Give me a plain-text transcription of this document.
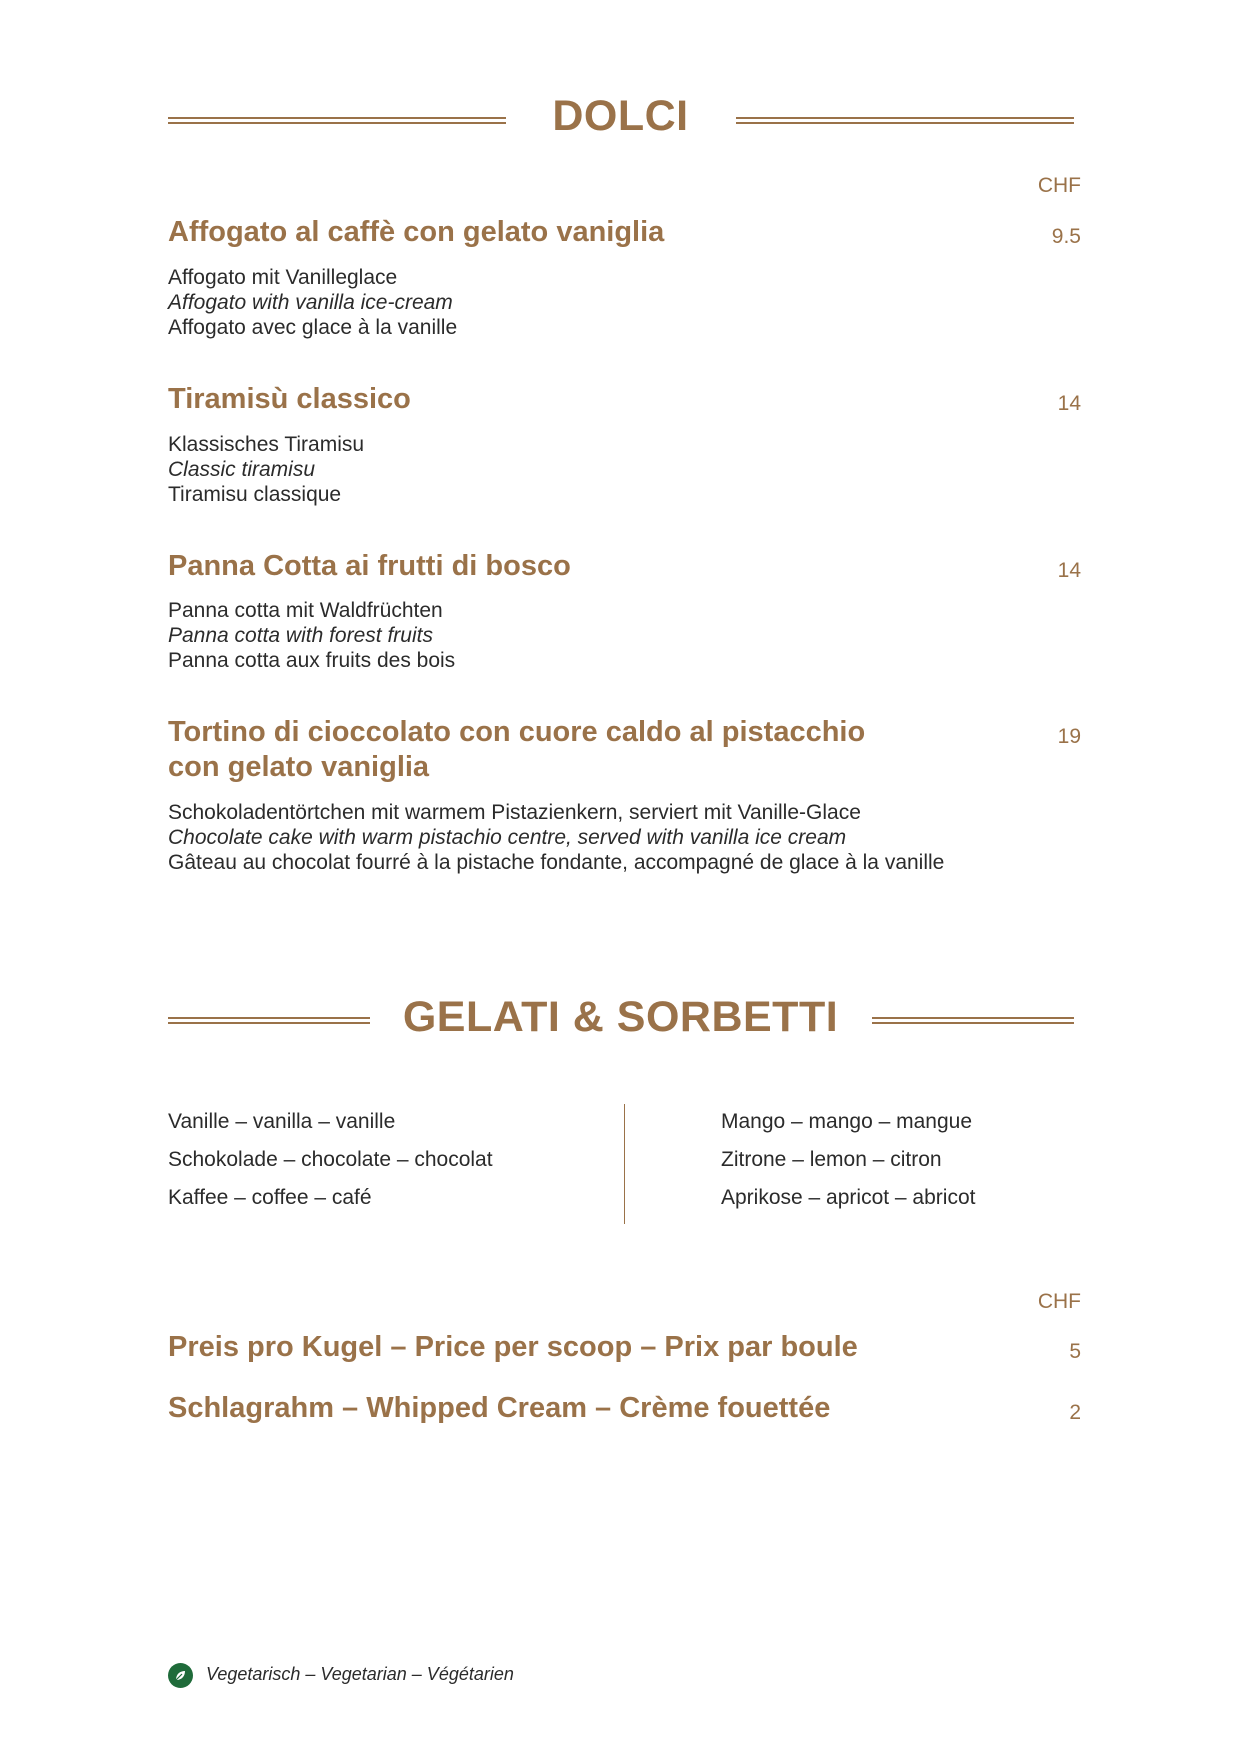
DOLCI
CHF
Affogato al caffè con gelato vaniglia	9.5
Affogato mit Vanilleglace
Affogato with vanilla ice-cream
Affogato avec glace à la vanille
Tiramisù classico	14
Klassisches Tiramisu
Classic tiramisu
Tiramisu classique
Panna Cotta ai frutti di bosco	14
Panna cotta mit Waldfrüchten
Panna cotta with forest fruits
Panna cotta aux fruits des bois
Tortino di cioccolato con cuore caldo al pistacchio
con gelato vaniglia
19
Schokoladentörtchen mit warmem Pistazienkern, serviert mit Vanille-Glace
Chocolate cake with warm pistachio centre, served with vanilla ice cream
Gâteau au chocolat fourré à la pistache fondante, accompagné de glace à la vanille
GELATI & SORBETTI
Vanille – vanilla – vanille
Schokolade – chocolate – chocolat
Kaffee – coffee – café
Mango – mango – mangue
Zitrone – lemon – citron
Aprikose – apricot – abricot
CHF
Preis pro Kugel – Price per scoop – Prix par boule	5
Schlagrahm – Whipped Cream – Crème fouettée	2
Vegetarisch – Vegetarian – Végétarien
